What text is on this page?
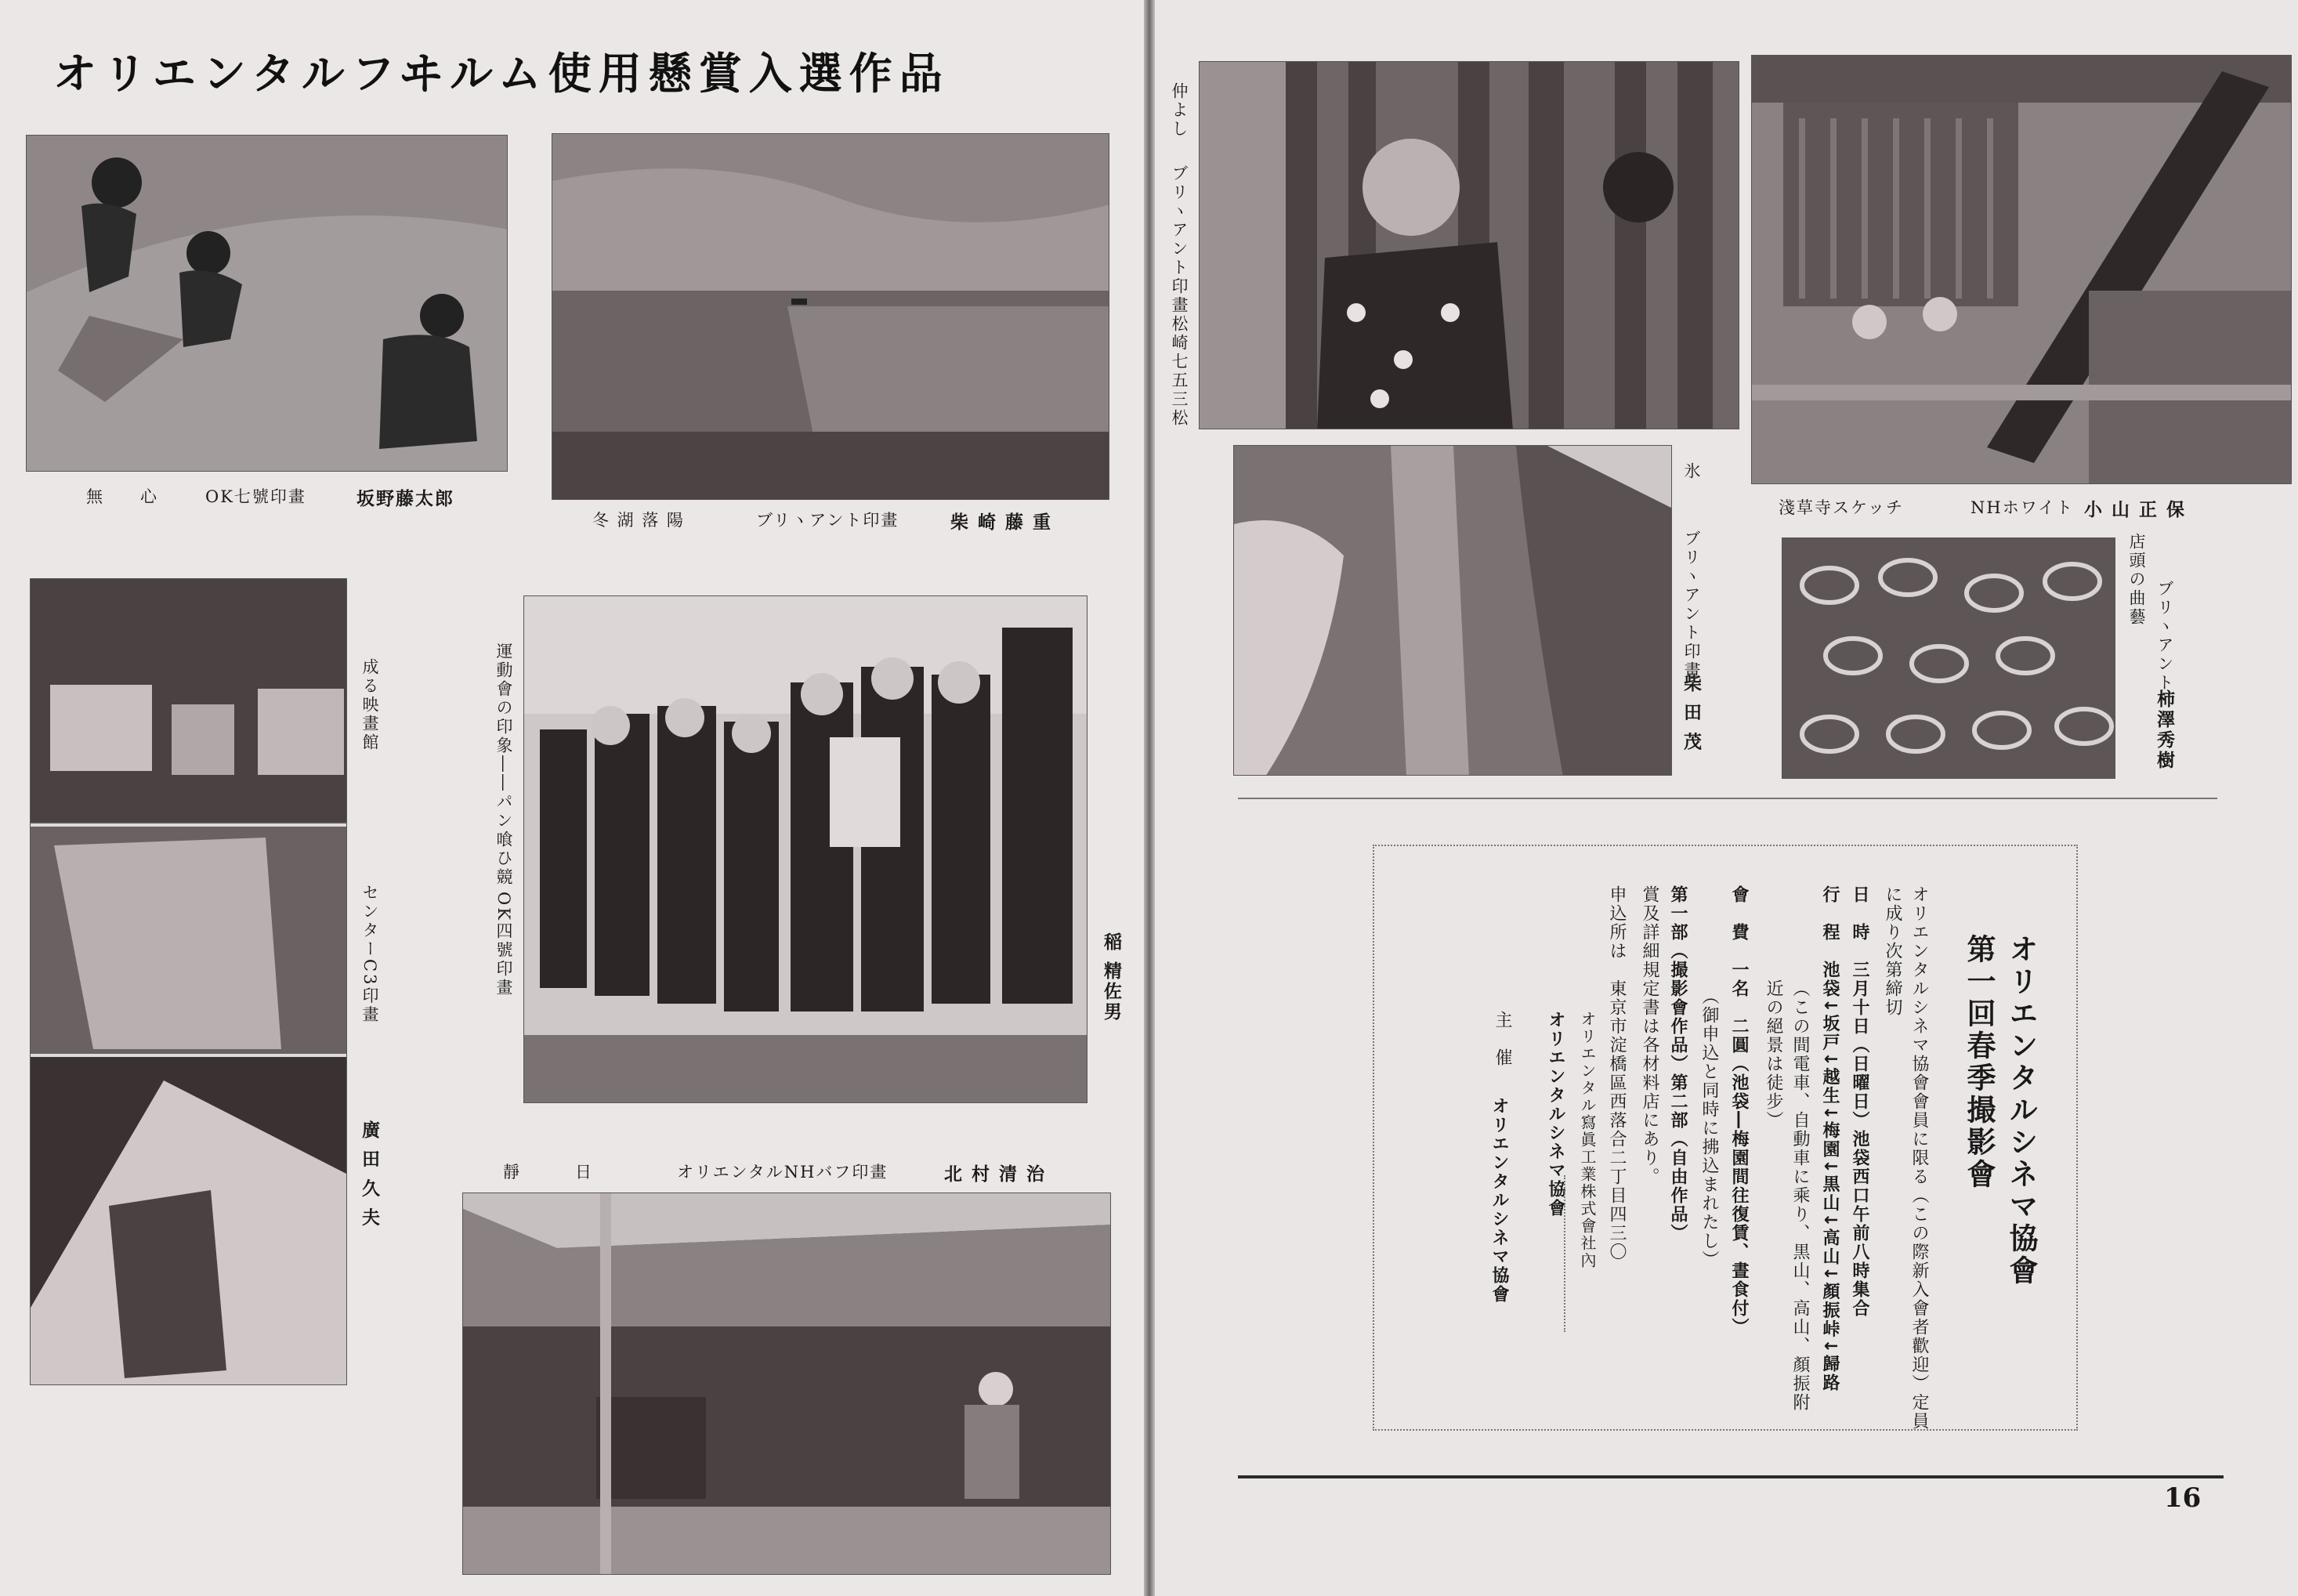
オリエンタルフヰルム使用懸賞入選作品
無　　心	OK七號印畫	坂野藤太郎
冬 湖 落 陽	ブリヽアント印畫	柴 崎 藤 重
成る映畫館
センターC3印畫
廣 田 久 夫
運動會の印象――パン喰ひ競
OK四號印畫	稲 精佐男
靜　　　日	オリエンタルNHバフ印畫	北 村 清 治
仲よし
ブリヽアント印畫
松崎七五三松
淺草寺スケッチ	NHホワイト 小 山 正 保
氷
ブリヽアント印畫
柴 田 茂
店頭の曲藝 ブリヽアント
柿澤秀樹
オリエンタルシネマ協會
第一回春季撮影會
オリエンタルシネマ協會會員に限る（この際新入會者歡迎）定員
に成り次第締切
日　時　三月十日（日曜日）池袋西口午前八時集合
行　程　池袋↓坂戸↓越生↓梅園↓黒山↓高山↓顏振峠↓歸路
（この間電車、自動車に乘り、黒山、高山、顏振附
近の絕景は徒步）
會　費　一名　二圓（池袋―梅園間往復賃、晝食付）
（御申込と同時に拂込まれたし）
第一部（撮影會作品）第二部（自由作品）
賞及詳細規定書は各材料店にあり。
申込所は　東京市淀橋區西落合二丁目四三〇
オリエンタル寫眞工業株式會社內
オリエンタルシネマ協會
主　催
オリエンタルシネマ協會
16
